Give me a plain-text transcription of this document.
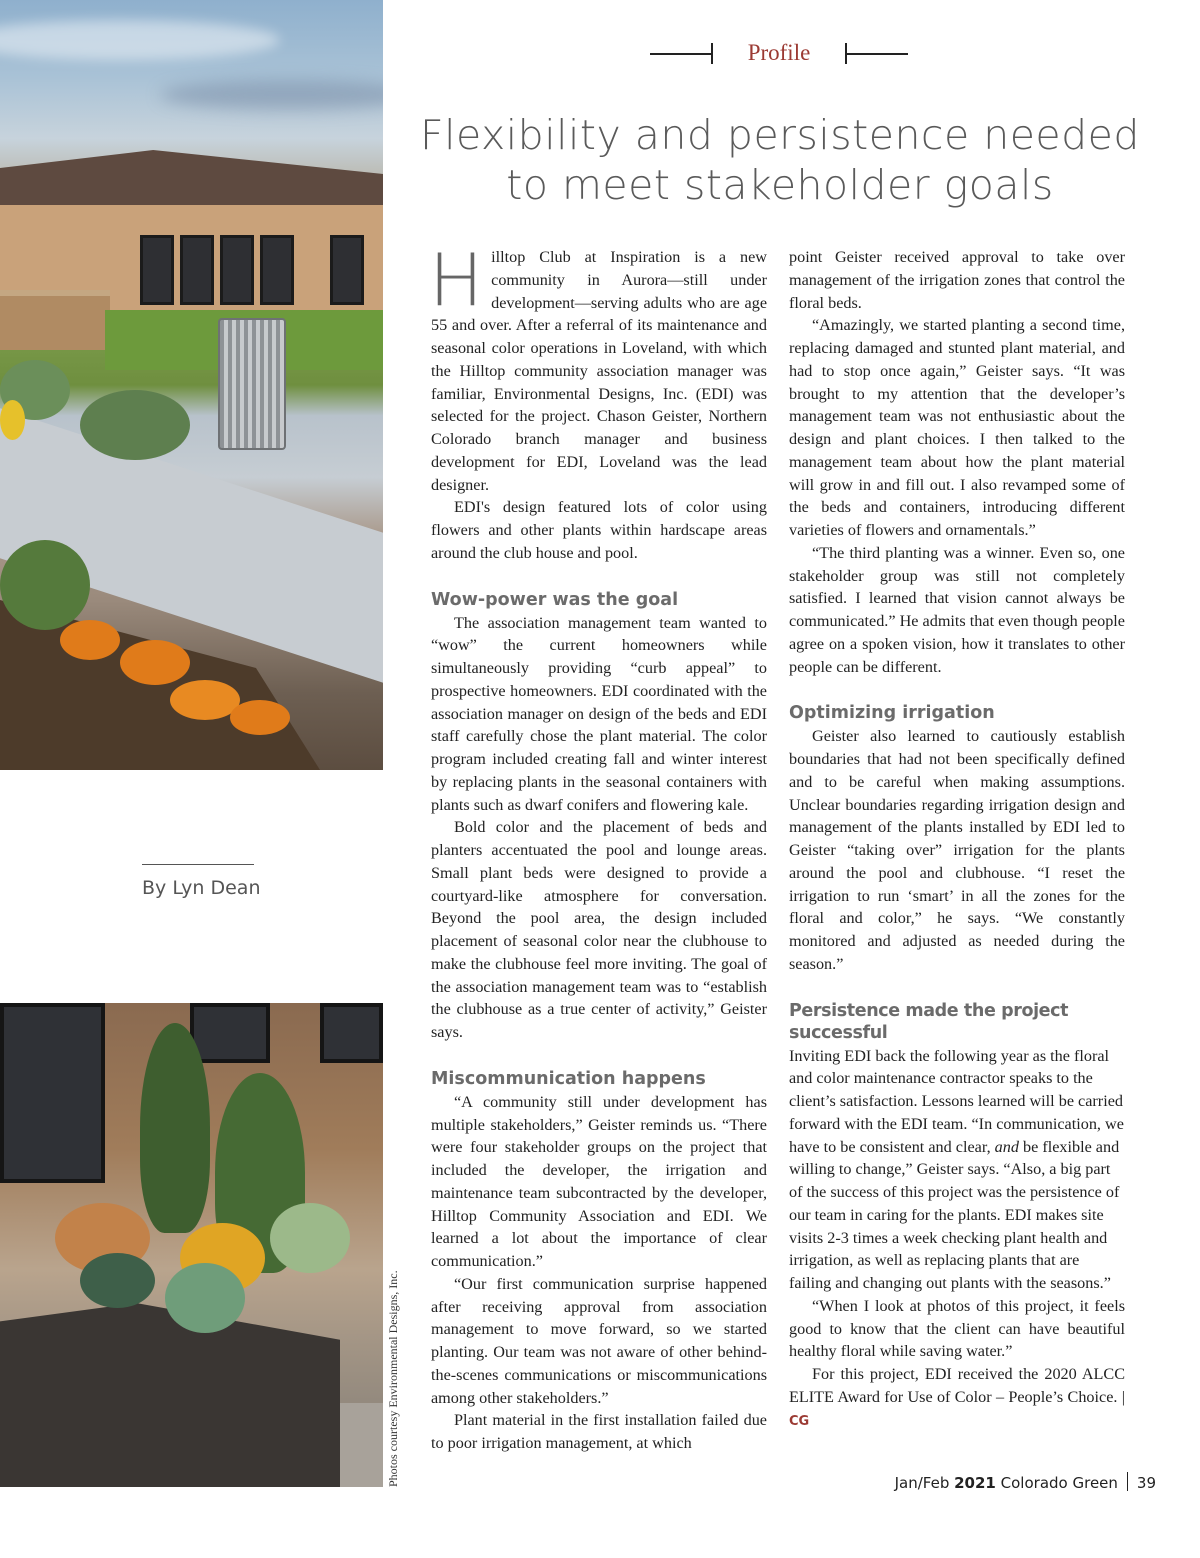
By Lyn Dean
Photos courtesy Environmental Designs, Inc.
Profile
Flexibility and persistence needed to meet stakeholder goals

Hilltop Club at Inspiration is a new community in Aurora—still under development—serving adults who are age 55 and over. After a referral of its maintenance and seasonal color operations in Loveland, with which the Hilltop community association manager was familiar, Environmental Designs, Inc. (EDI) was selected for the project. Chason Geister, Northern Colorado branch manager and business development for EDI, Loveland was the lead designer.

EDI's design featured lots of color using flowers and other plants within hardscape areas around the club house and pool.

Wow-power was the goal

The association management team wanted to “wow” the current homeowners while simultaneously providing “curb appeal” to prospective homeowners. EDI coordinated with the association manager on design of the beds and EDI staff carefully chose the plant material. The color program included creating fall and winter interest by replacing plants in the seasonal containers with plants such as dwarf conifers and flowering kale.

Bold color and the placement of beds and planters accentuated the pool and lounge areas. Small plant beds were designed to provide a courtyard-like atmosphere for conversation. Beyond the pool area, the design included placement of seasonal color near the clubhouse to make the clubhouse feel more inviting. The goal of the association management team was to “establish the clubhouse as a true center of activity,” Geister says.

Miscommunication happens

“A community still under development has multiple stakeholders,” Geister reminds us. “There were four stakeholder groups on the project that included the developer, the irrigation and maintenance team subcontracted by the developer, Hilltop Community Association and EDI. We learned a lot about the importance of clear communication.”

“Our first communication surprise happened after receiving approval from association management to move forward, so we started planting. Our team was not aware of other behind-the-scenes communications or miscommunications among other stakeholders.”

Plant material in the first installation failed due to poor irrigation management, at which

point Geister received approval to take over management of the irrigation zones that control the floral beds.

“Amazingly, we started planting a second time, replacing damaged and stunted plant material, and had to stop once again,” Geister says. “It was brought to my attention that the developer’s management team was not enthusiastic about the design and plant choices. I then talked to the management team about how the plant material will grow in and fill out. I also revamped some of the beds and containers, introducing different varieties of flowers and ornamentals.”

“The third planting was a winner. Even so, one stakeholder group was still not completely satisfied. I learned that vision cannot always be communicated.” He admits that even though people agree on a spoken vision, how it translates to other people can be different.

Optimizing irrigation

Geister also learned to cautiously establish boundaries that had not been specifically defined and to be careful when making assumptions. Unclear boundaries regarding irrigation design and management of the plants installed by EDI led to Geister “taking over” irrigation for the plants around the pool and clubhouse. “I reset the irrigation to run ‘smart’ in all the zones for the floral and color,” he says. “We constantly monitored and adjusted as needed during the season.”

Persistence made the project successful

Inviting EDI back the following year as the floral and color maintenance contractor speaks to the client’s satisfaction. Lessons learned will be carried forward with the EDI team. “In communication, we have to be consistent and clear, and be flexible and willing to change,” Geister says. “Also, a big part of the success of this project was the persistence of our team in caring for the plants. EDI makes site visits 2-3 times a week checking plant health and irrigation, as well as replacing plants that are failing and changing out plants with the seasons.”

“When I look at photos of this project, it feels good to know that the client can have beautiful healthy floral while saving water.”

For this project, EDI received the 2020 ALCC ELITE Award for Use of Color – People’s Choice. | CG

Jan/Feb 2021 Colorado Green 39
